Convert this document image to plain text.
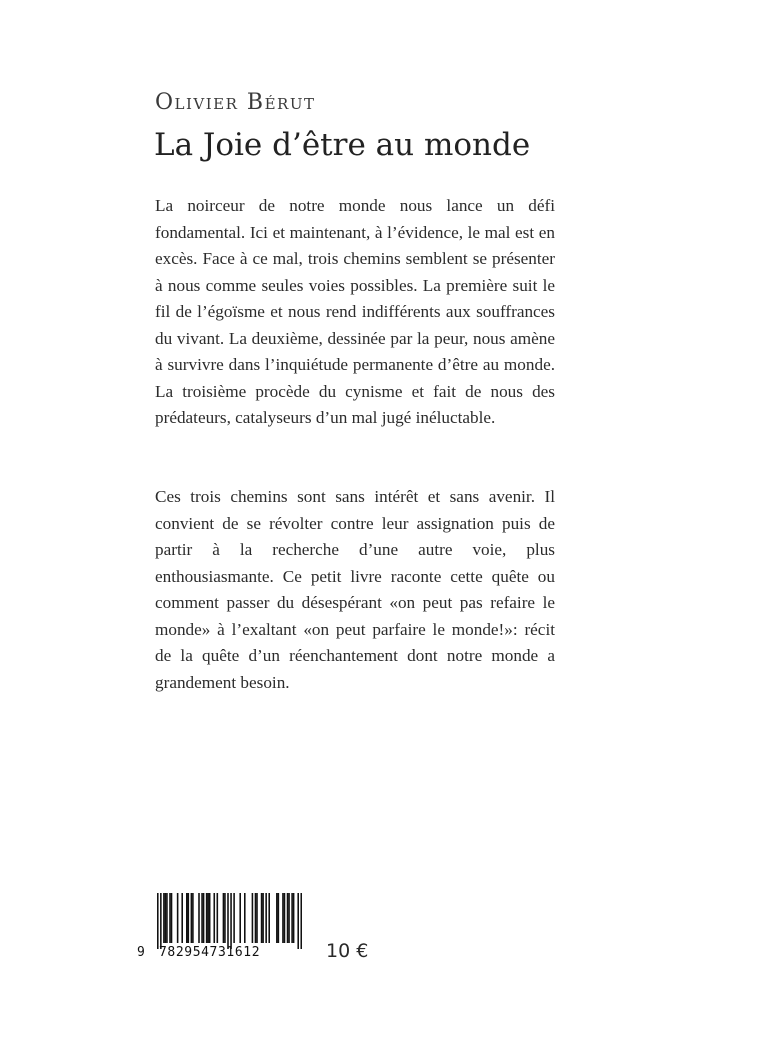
Olivier Bérut
La Joie d’être au monde

La noirceur de notre monde nous lance un défi fondamental. Ici et maintenant, à l’évidence, le mal est en excès. Face à ce mal, trois chemins semblent se présenter à nous comme seules voies possibles. La première suit le fil de l’égoïsme et nous rend indifférents aux souffrances du vivant. La deuxième, dessinée par la peur, nous amène à survivre dans l’inquiétude permanente d’être au monde. La troisième procède du cynisme et fait de nous des prédateurs, catalyseurs d’un mal jugé inéluctable.

Ces trois chemins sont sans intérêt et sans avenir. Il convient de se révolter contre leur assignation puis de partir à la recherche d’une autre voie, plus enthousiasmante. Ce petit livre raconte cette quête ou comment passer du désespérant «on peut pas refaire le monde» à l’exaltant «on peut parfaire le monde!»: récit de la quête d’un réenchantement dont notre monde a grandement besoin.

9 782954731612	10 €
